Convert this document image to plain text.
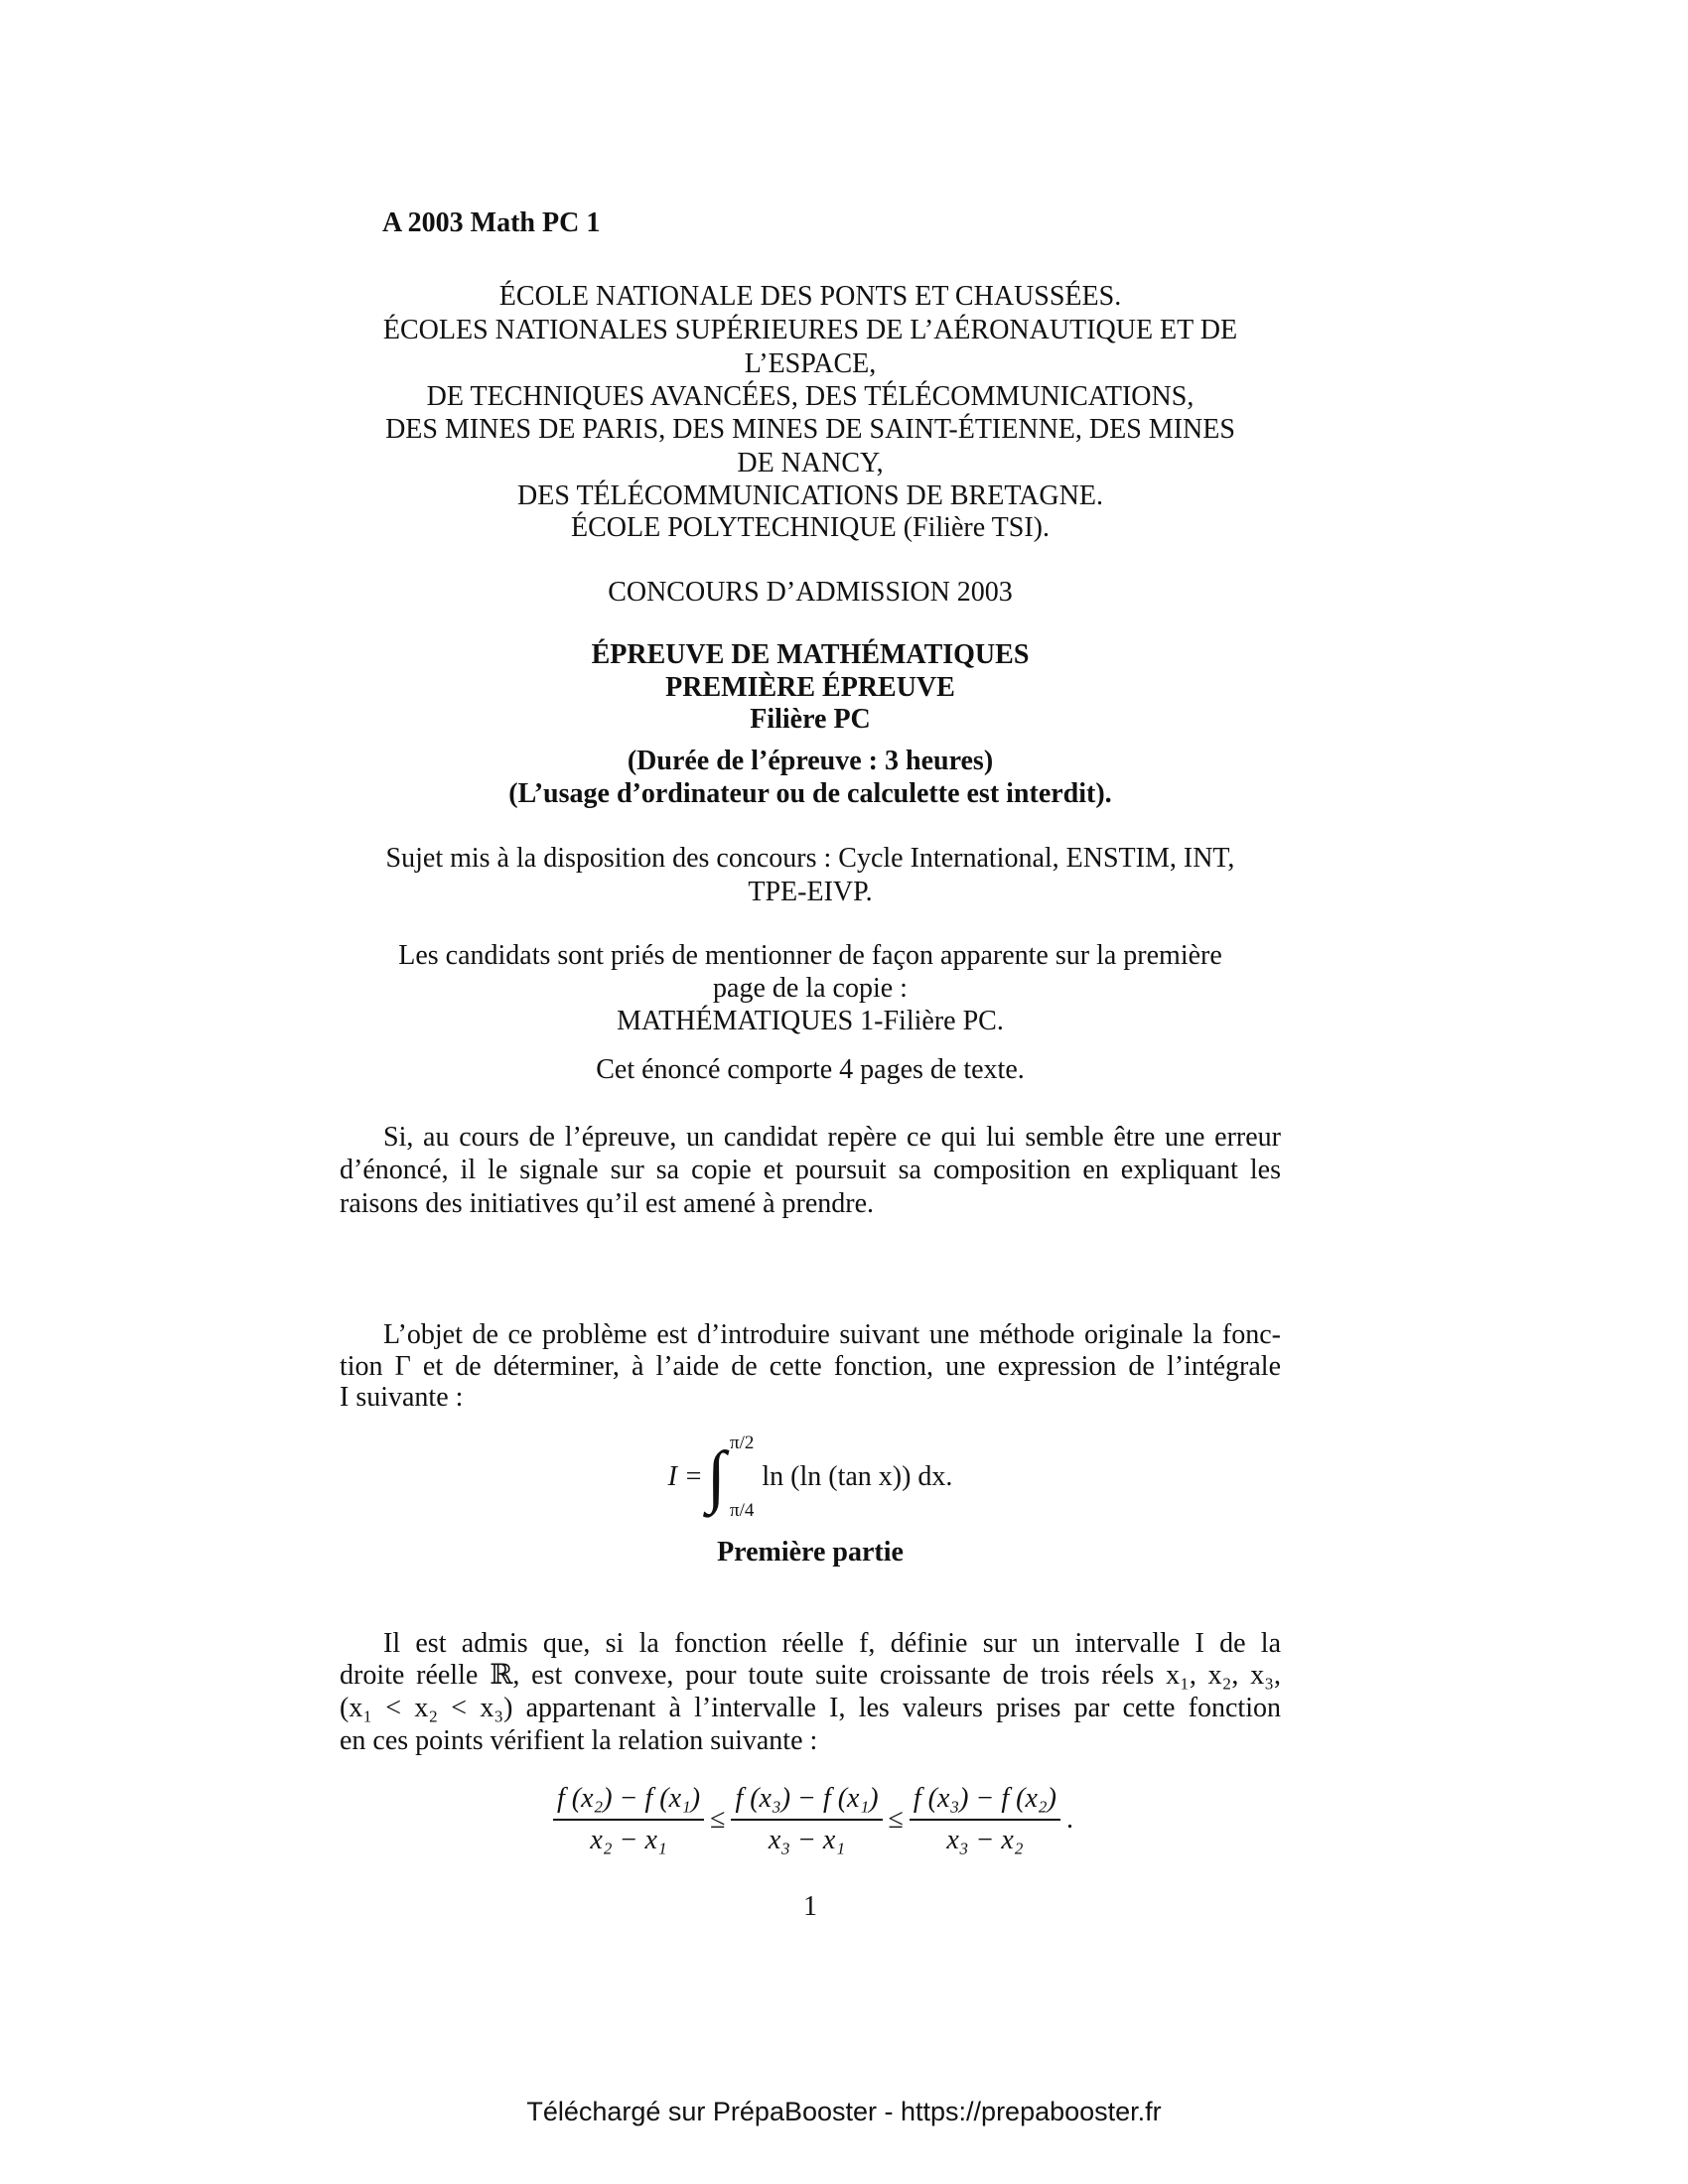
A 2003 Math PC 1
ÉCOLE NATIONALE DES PONTS ET CHAUSSÉES.
ÉCOLES NATIONALES SUPÉRIEURES DE L’AÉRONAUTIQUE ET DE
L’ESPACE,
DE TECHNIQUES AVANCÉES, DES TÉLÉCOMMUNICATIONS,
DES MINES DE PARIS, DES MINES DE SAINT-ÉTIENNE, DES MINES
DE NANCY,
DES TÉLÉCOMMUNICATIONS DE BRETAGNE.
ÉCOLE POLYTECHNIQUE (Filière TSI).
CONCOURS D’ADMISSION 2003
ÉPREUVE DE MATHÉMATIQUES
PREMIÈRE ÉPREUVE
Filière PC
(Durée de l’épreuve : 3 heures)
(L’usage d’ordinateur ou de calculette est interdit).
Sujet mis à la disposition des concours : Cycle International, ENSTIM, INT,
TPE-EIVP.
Les candidats sont priés de mentionner de façon apparente sur la première
page de la copie :
MATHÉMATIQUES 1-Filière PC.
Cet énoncé comporte 4 pages de texte.
Si, au cours de l’épreuve, un candidat repère ce qui lui semble être une erreur
d’énoncé, il le signale sur sa copie et poursuit sa composition en expliquant les
raisons des initiatives qu’il est amené à prendre.
L’objet de ce problème est d’introduire suivant une méthode originale la fonc-
tion Γ et de déterminer, à l’aide de cette fonction, une expression de l’intégrale
I suivante :
I = ∫ π/2
π/4
ln (ln (tan x)) dx.
Première partie
Il est admis que, si la fonction réelle f, définie sur un intervalle I de la
droite réelle ℝ, est convexe, pour toute suite croissante de trois réels x₁, x₂, x₃,
(x₁ < x₂ < x₃) appartenant à l’intervalle I, les valeurs prises par cette fonction
en ces points vérifient la relation suivante :
$\frac{\text{f (x₂) − f (x₁)}}{\text{x₂ − x₁}} \le \frac{\text{f (x₃) − f (x₁)}}{\text{x₃ − x₁}} \le \frac{\text{f (x₃) − f (x₂)}}{\text{x₃ − x₂}}$ .
1
Téléchargé sur PrépaBooster - https://prepabooster.fr
